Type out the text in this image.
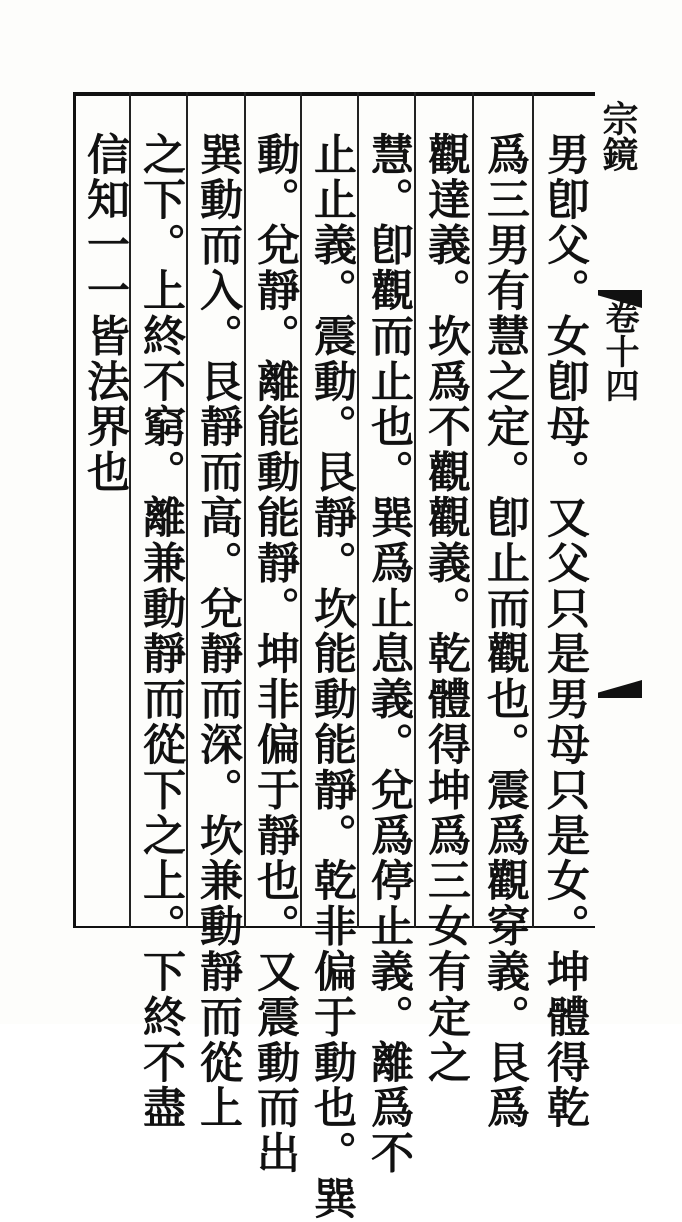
男卽父。女卽母。又父只是男母只是女。坤體得乾
爲三男有慧之定。卽止而觀也。震爲觀穿義。艮爲
觀達義。坎爲不觀觀義。乾體得坤爲三女有定之
慧。卽觀而止也。巽爲止息義。兌爲停止義。離爲不
止止義。震動。艮靜。坎能動能靜。乾非偏于動也。巽
動。兌靜。離能動能靜。坤非偏于靜也。又震動而出
巽動而入。艮靜而高。兌靜而深。坎兼動靜而從上
之下。上終不窮。離兼動靜而從下之上。下終不盡
信知一一皆法界也	宗鏡
卷十四
